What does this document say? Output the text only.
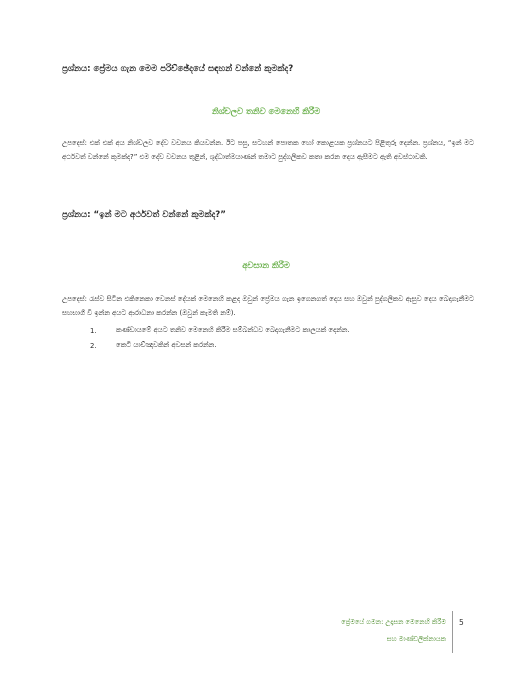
ප්‍රශ්නය: ප්‍රේමය ගැන මෙම පරිච්ඡේදයේ සඳහන් වන්නේ කුමක්ද?
නිශ්චලව තනිව මෙනෙහි කිරීම
උපදෙස්: එක් එක් අය නිශ්චලව දේව වචනය කියවන්න. ඊට පසු, සටහන් පොතක හෝ කොළයක ප්‍රශ්නයට පිළිතුරු දෙන්න. ප්‍රශ්නය, “ඉන් මට අර්ථවත් වන්නේ කුමක්ද?” එම දේව වචනය තුළින්, ශුද්ධාත්මයාණන් තමාට පුද්ගලිකව කතා කරන දෙය ඇසීමට ඇති අවස්ථාවකි.
ප්‍රශ්නය: “ඉන් මට අර්ථවත් වන්නේ කුමක්ද?”
අවසාන කිරීම
උපදෙස්: රැස්ව සිටින එකිනෙකා වෙනස් දේයක් මෙනෙහි කළද ඔවුන් ප්‍රේමය ගැන ඉගෙනගත් දෙය සහ ඔවුන් පුද්ගලිකව ඇසුව දෙය බෙදාගැනීමට සහභාගී වී ඉන්න අයට ආරාධනා කරන්න (ඔවුන් කැමති නම්).
1.	කණ්ඩායමේ අයට තනිව මෙනෙහි කිරීම සම්බන්ධව බෙදාගැනීමට කාලයක් දෙන්න.
2.	කෙටි යාච්ඤාවකින් අවසන් කරන්න.
ප්‍රේමයේ ගමන: උදෑසන මෙනෙහි කිරීම
සහ මාණ්ඩලික්නායක
5
